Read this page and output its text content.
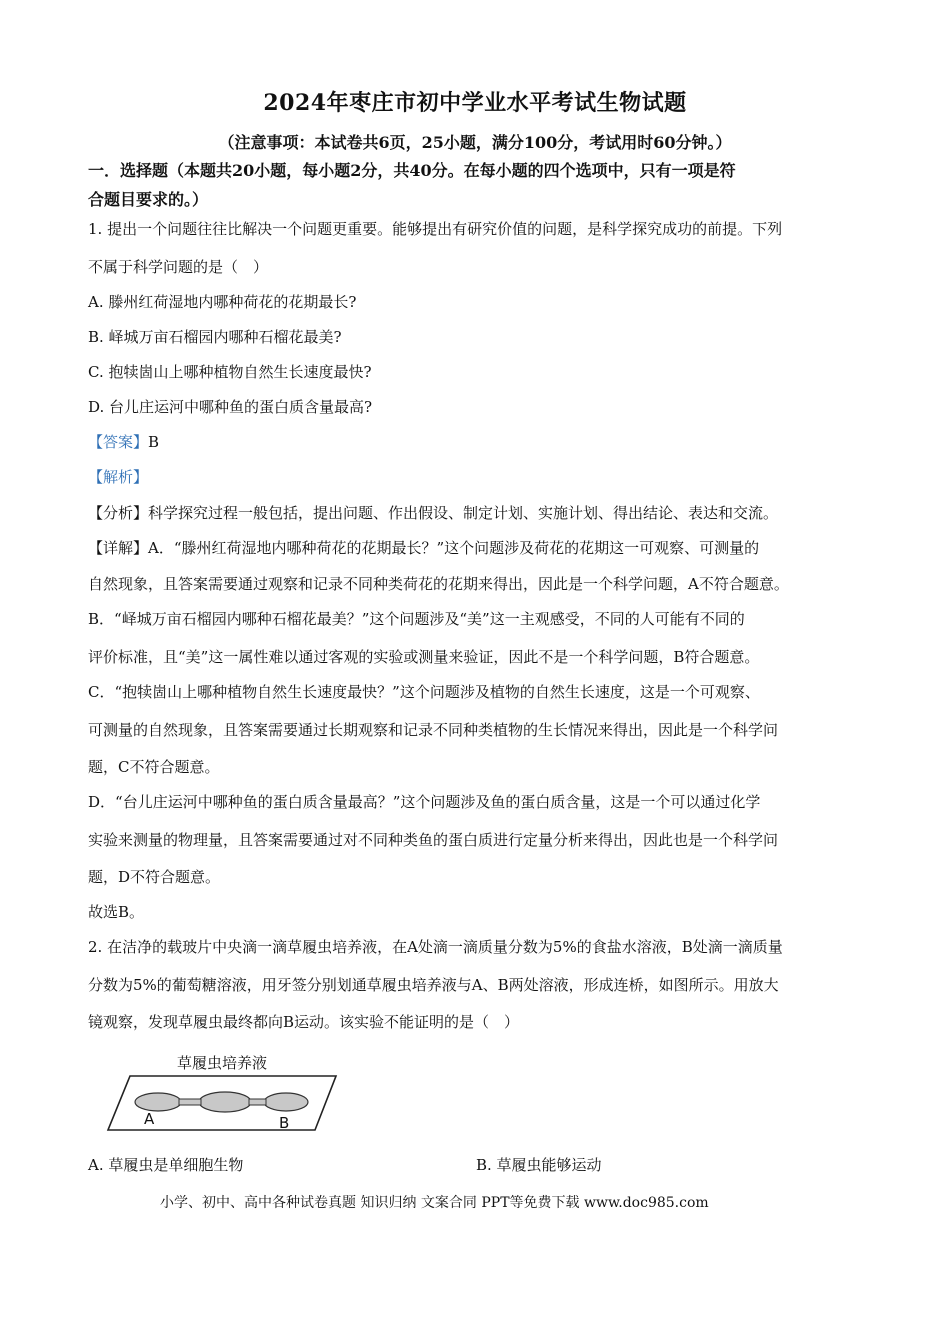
2024年枣庄市初中学业水平考试生物试题
（注意事项：本试卷共6页，25小题，满分100分，考试用时60分钟。）
一．选择题（本题共20小题，每小题2分，共40分。在每小题的四个选项中，只有一项是符
合题目要求的。）
1. 提出一个问题往往比解决一个问题更重要。能够提出有研究价值的问题，是科学探究成功的前提。下列
不属于科学问题的是（　）
A. 滕州红荷湿地内哪种荷花的花期最长?
B. 峄城万亩石榴园内哪种石榴花最美?
C. 抱犊崮山上哪种植物自然生长速度最快?
D. 台儿庄运河中哪种鱼的蛋白质含量最高?
【答案】B
【解析】
【分析】科学探究过程一般包括，提出问题、作出假设、制定计划、实施计划、得出结论、表达和交流。
【详解】A．“滕州红荷湿地内哪种荷花的花期最长？”这个问题涉及荷花的花期这一可观察、可测量的
自然现象，且答案需要通过观察和记录不同种类荷花的花期来得出，因此是一个科学问题，A不符合题意。
B．“峄城万亩石榴园内哪种石榴花最美？”这个问题涉及“美”这一主观感受，不同的人可能有不同的
评价标准，且“美”这一属性难以通过客观的实验或测量来验证，因此不是一个科学问题，B符合题意。
C．“抱犊崮山上哪种植物自然生长速度最快？”这个问题涉及植物的自然生长速度，这是一个可观察、
可测量的自然现象，且答案需要通过长期观察和记录不同种类植物的生长情况来得出，因此是一个科学问
题，C不符合题意。
D．“台儿庄运河中哪种鱼的蛋白质含量最高？”这个问题涉及鱼的蛋白质含量，这是一个可以通过化学
实验来测量的物理量，且答案需要通过对不同种类鱼的蛋白质进行定量分析来得出，因此也是一个科学问
题，D不符合题意。
故选B。
2. 在洁净的载玻片中央滴一滴草履虫培养液，在A处滴一滴质量分数为5%的食盐水溶液，B处滴一滴质量
分数为5%的葡萄糖溶液，用牙签分别划通草履虫培养液与A、B两处溶液，形成连桥，如图所示。用放大
镜观察，发现草履虫最终都向B运动。该实验不能证明的是（　）
草履虫培养液
A	B
A. 草履虫是单细胞生物	B. 草履虫能够运动
小学、初中、高中各种试卷真题 知识归纳 文案合同 PPT等免费下载 www.doc985.com
